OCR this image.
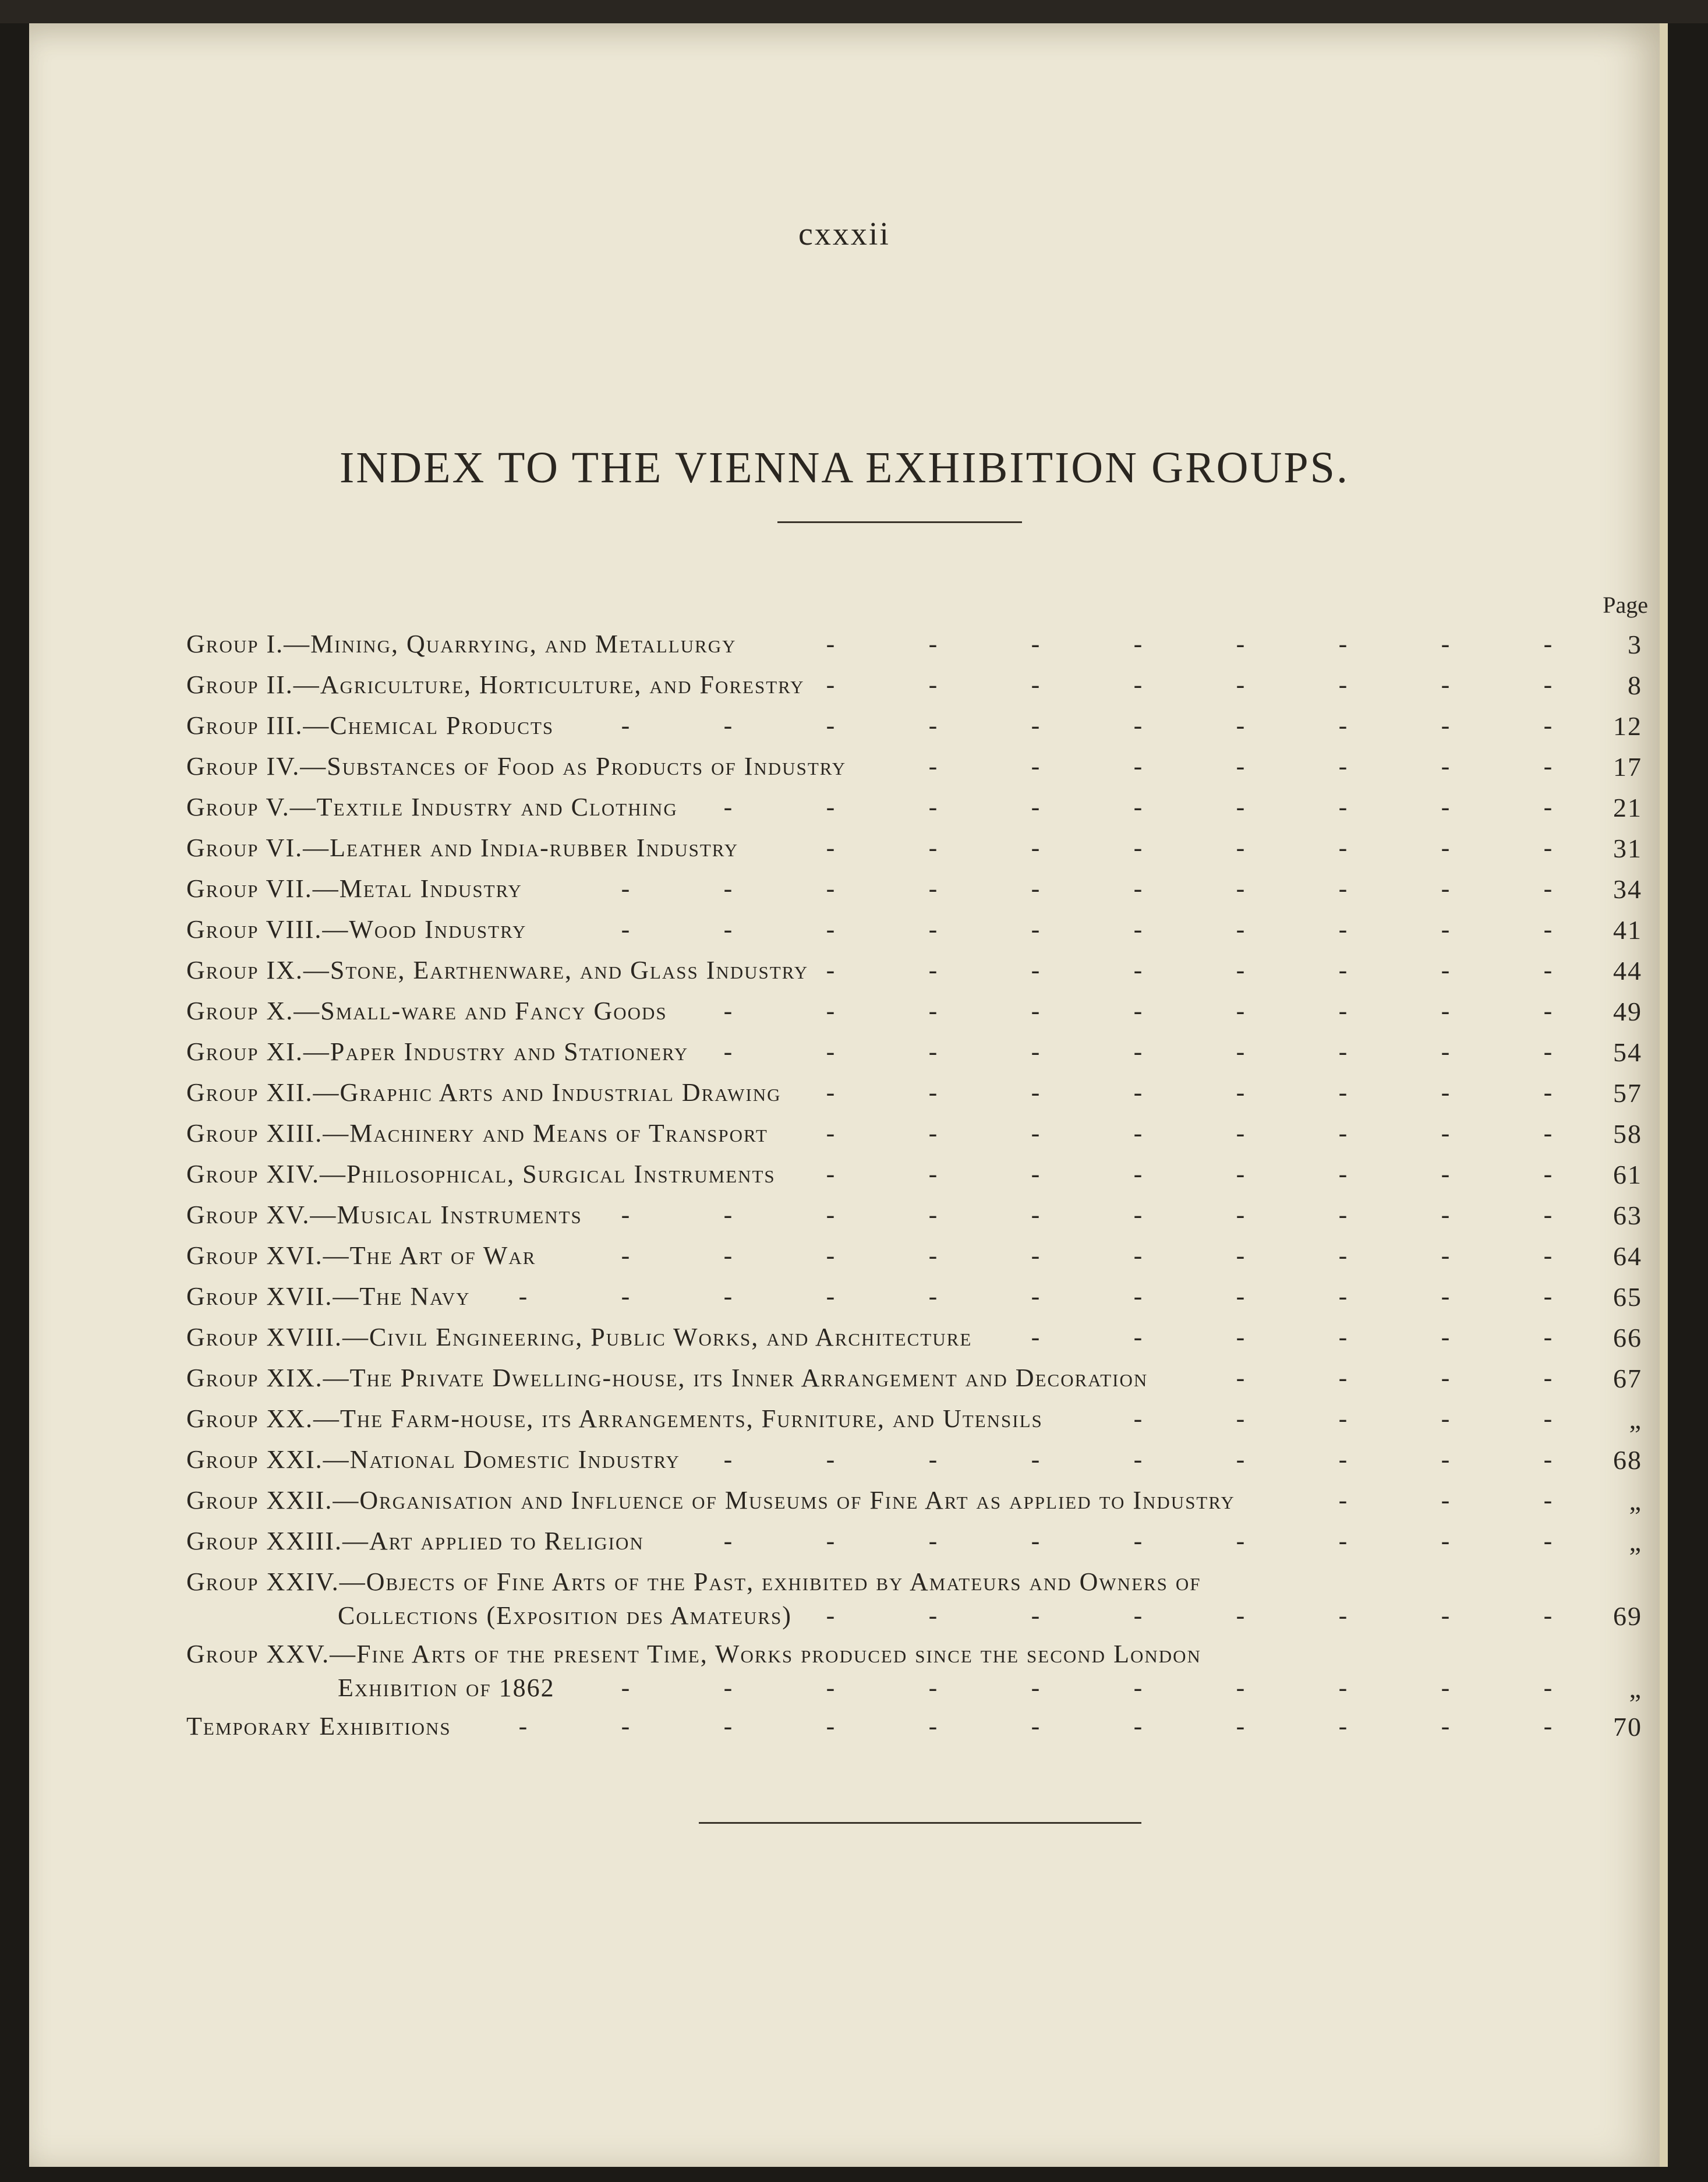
cxxxii
INDEX TO THE VIENNA EXHIBITION GROUPS.
Page
Group I.—Mining, Quarrying, and Metallurgy	3
-	-	-	-	-	-	-	-
Group II.—Agriculture, Horticulture, and Forestry	8
-	-	-	-	-	-	-	-
Group III.—Chemical Products	12
-	-	-	-	-	-	-	-	-	-
Group IV.—Substances of Food as Products of Industry	17
-	-	-	-	-	-	-
Group V.—Textile Industry and Clothing	21
-	-	-	-	-	-	-	-	-
Group VI.—Leather and India-rubber Industry	31
-	-	-	-	-	-	-	-
Group VII.—Metal Industry	34
-	-	-	-	-	-	-	-	-	-
Group VIII.—Wood Industry	41
-	-	-	-	-	-	-	-	-	-
Group IX.—Stone, Earthenware, and Glass Industry	44
-	-	-	-	-	-	-	-
Group X.—Small-ware and Fancy Goods	49
-	-	-	-	-	-	-	-	-
Group XI.—Paper Industry and Stationery	54
-	-	-	-	-	-	-	-	-
Group XII.—Graphic Arts and Industrial Drawing	57
-	-	-	-	-	-	-	-
Group XIII.—Machinery and Means of Transport	58
-	-	-	-	-	-	-	-
Group XIV.—Philosophical, Surgical Instruments	61
-	-	-	-	-	-	-	-
Group XV.—Musical Instruments	63
-	-	-	-	-	-	-	-	-	-
Group XVI.—The Art of War	64
-	-	-	-	-	-	-	-	-	-
Group XVII.—The Navy	65
-	-	-	-	-	-	-	-	-	-	-
Group XVIII.—Civil Engineering, Public Works, and Architecture	66
-	-	-	-	-	-
Group XIX.—The Private Dwelling-house, its Inner Arrangement and Decoration	67
-	-	-	-
Group XX.—The Farm-house, its Arrangements, Furniture, and Utensils	„
-	-	-	-	-
Group XXI.—National Domestic Industry	68
-	-	-	-	-	-	-	-	-
Group XXII.—Organisation and Influence of Museums of Fine Art as applied to Industry	„
-	-	-
Group XXIII.—Art applied to Religion	„
-	-	-	-	-	-	-	-	-
Group XXIV.—Objects of Fine Arts of the Past, exhibited by Amateurs and Owners of
Collections (Exposition des Amateurs)	69
-	-	-	-	-	-	-	-
Group XXV.—Fine Arts of the present Time, Works produced since the second London
Exhibition of 1862	„
-	-	-	-	-	-	-	-	-	-
Temporary Exhibitions	70
-	-	-	-	-	-	-	-	-	-	-
